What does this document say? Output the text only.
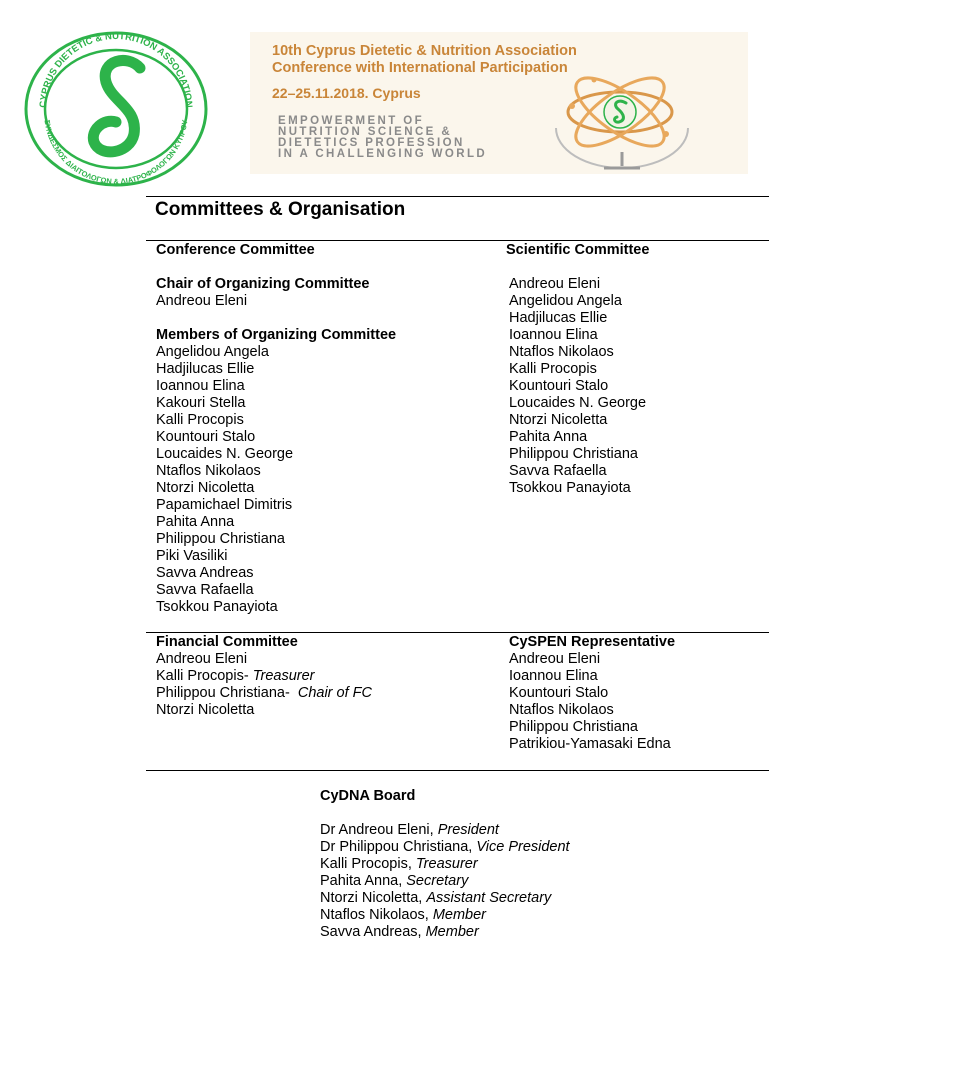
CYPRUS DIETETIC & NUTRITION ASSOCIATION
ΣΥΝΔΕΣΜΟΣ ΔΙΑΙΤΟΛΟΓΩΝ & ΔΙΑΤΡΟΦΟΛΟΓΩΝ ΚΥΠΡΟΥ
10th Cyprus Dietetic & Nutrition Association
Conference with International Participation
22–25.11.2018. Cyprus
EMPOWERMENT OF
NUTRITION SCIENCE &
DIETETICS PROFESSION
IN A CHALLENGING WORLD
Committees & Organisation
Conference Committee
Chair of Organizing Committee
Andreou Eleni
Members of Organizing Committee
Angelidou Angela
Hadjilucas Ellie
Ioannou Elina
Kakouri Stella
Kalli Procopis
Kountouri Stalo
Loucaides N. George
Ntaflos Nikolaos
Ntorzi Nicoletta
Papamichael Dimitris
Pahita Anna
Philippou Christiana
Piki Vasiliki
Savva Andreas
Savva Rafaella
Tsokkou Panayiota
Scientific Committee
Andreou Eleni
Angelidou Angela
Hadjilucas Ellie
Ioannou Elina
Ntaflos Nikolaos
Kalli Procopis
Kountouri Stalo
Loucaides N. George
Ntorzi Nicoletta
Pahita Anna
Philippou Christiana
Savva Rafaella
Tsokkou Panayiota
Financial Committee
Andreou Eleni
Kalli Procopis- Treasurer
Philippou Christiana-  Chair of FC
Ntorzi Nicoletta
CySPEN Representative
Andreou Eleni
Ioannou Elina
Kountouri Stalo
Ntaflos Nikolaos
Philippou Christiana
Patrikiou-Yamasaki Edna
CyDNA Board
Dr Andreou Eleni, President
Dr Philippou Christiana, Vice President
Kalli Procopis, Treasurer
Pahita Anna, Secretary
Ntorzi Nicoletta, Assistant Secretary
Ntaflos Nikolaos, Member
Savva Andreas, Member
